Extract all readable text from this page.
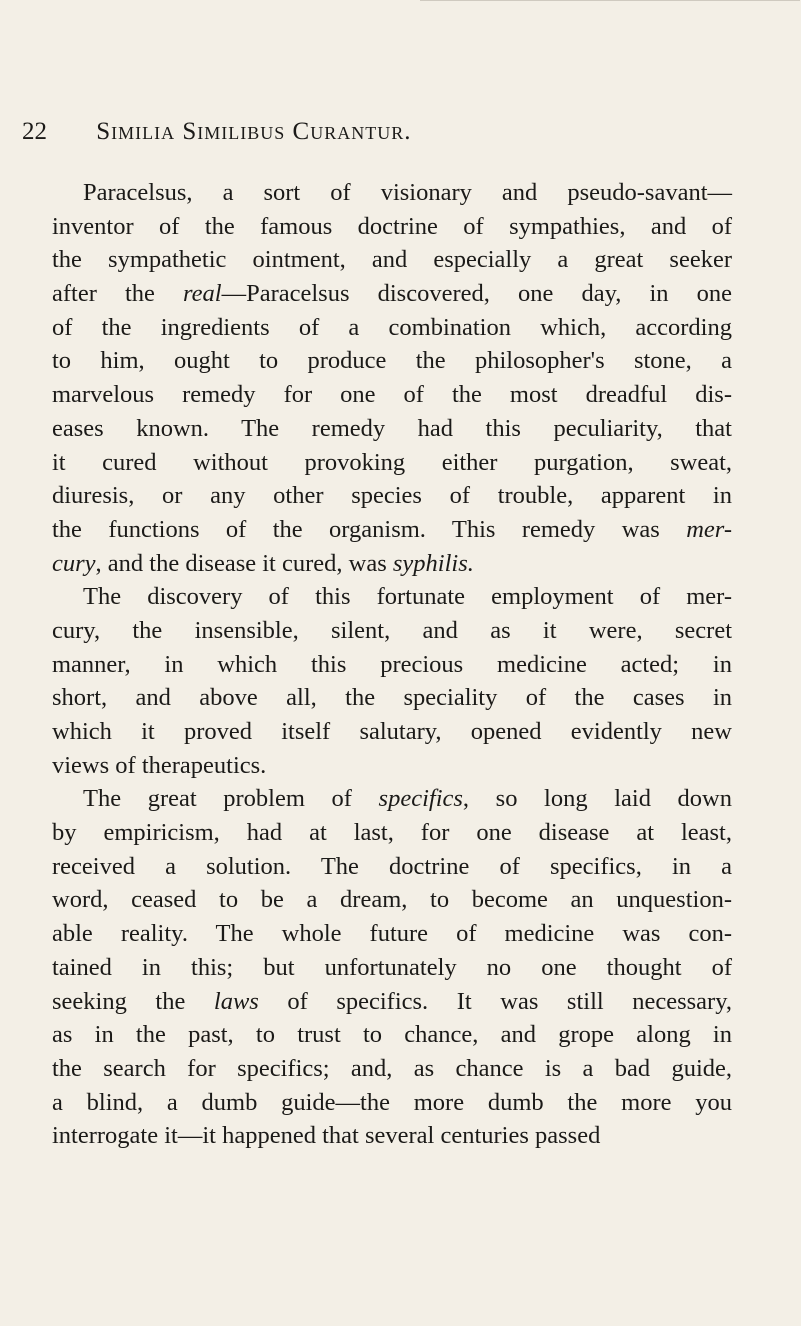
22 Similia Similibus Curantur.
Paracelsus, a sort of visionary and pseudo-savant—
inventor of the famous doctrine of sympathies, and of
the sympathetic ointment, and especially a great seeker
after the real—Paracelsus discovered, one day, in one
of the ingredients of a combination which, according
to him, ought to produce the philosopher's stone, a
marvelous remedy for one of the most dreadful dis-
eases known. The remedy had this peculiarity, that
it cured without provoking either purgation, sweat,
diuresis, or any other species of trouble, apparent in
the functions of the organism. This remedy was mer-
cury, and the disease it cured, was syphilis.
The discovery of this fortunate employment of mer-
cury, the insensible, silent, and as it were, secret
manner, in which this precious medicine acted; in
short, and above all, the speciality of the cases in
which it proved itself salutary, opened evidently new
views of therapeutics.
The great problem of specifics, so long laid down
by empiricism, had at last, for one disease at least,
received a solution. The doctrine of specifics, in a
word, ceased to be a dream, to become an unquestion-
able reality. The whole future of medicine was con-
tained in this; but unfortunately no one thought of
seeking the laws of specifics. It was still necessary,
as in the past, to trust to chance, and grope along in
the search for specifics; and, as chance is a bad guide,
a blind, a dumb guide—the more dumb the more you
interrogate it—it happened that several centuries passed
